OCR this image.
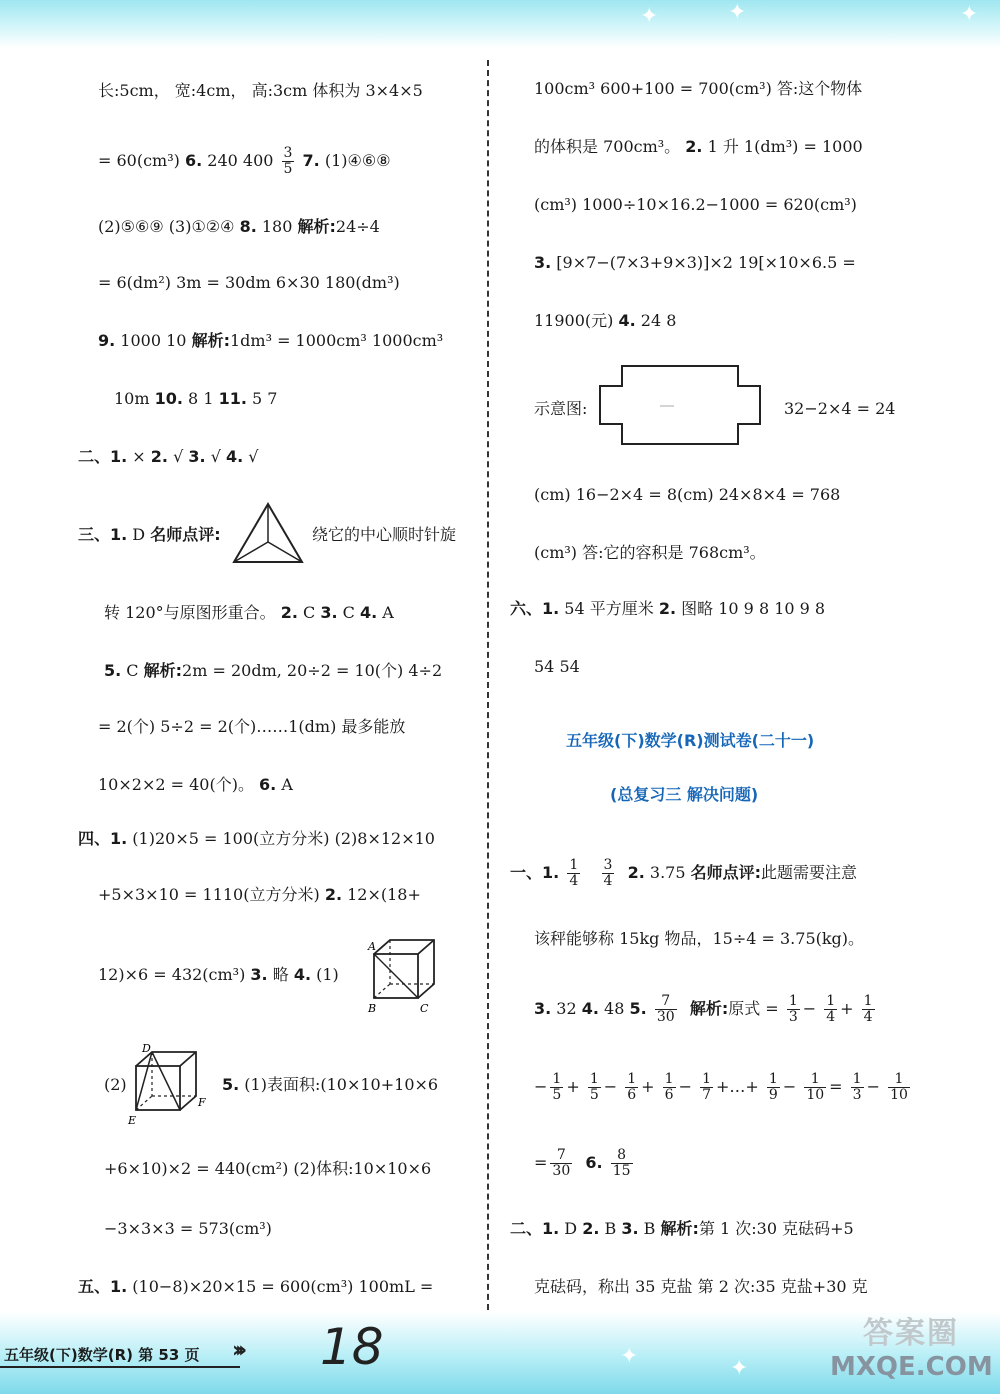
✦	✦	✦
长:5cm， 宽:4cm， 高:3cm 体积为 3×4×5
= 60(cm³) 6. 240 $400 \frac{3}{5} 7$. (1)④⑥⑧
(2)⑤⑥⑨ (3)①②④ 8. 180 解析:24÷4
= 6(dm²) 3m = 30dm 6×30 180(dm³)
9. 1000 10 解析:1dm³ = 1000cm³ 1000cm³
10m 10. 8 1 11. 5 7
二、1. × 2. √ 3. √ 4. √
三、1. D 名师点评:	绕它的中心顺时针旋
转 120°与原图形重合。 2. C 3. C 4. A
5. C 解析:2m = 20dm, 20÷2 = 10(个) 4÷2
= 2(个) 5÷2 = 2(个)……1(dm) 最多能放
10×2×2 = 40(个)。 6. A
四、1. (1)20×5 = 100(立方分米) (2)8×12×10
+5×3×10 = 1110(立方分米) 2. 12×(18+
12)×6 = 432(cm³) 3. 略 4. (1)
A
B	C
(2)
D
E
F
5. (1)表面积:(10×10+10×6
+6×10)×2 = 440(cm²) (2)体积:10×10×6
−3×3×3 = 573(cm³)
五、1. (10−8)×20×15 = 600(cm³) 100mL =
100cm³ 600+100 = 700(cm³) 答:这个物体
的体积是 700cm³。 2. 1 升 1(dm³) = 1000
(cm³) 1000÷10×16.2−1000 = 620(cm³)
3. [9×7−(7×3+9×3)]×2 19[×10×6.5 =
11900(元) 4. 24 8
示意图:	32−2×4 = 24
(cm) 16−2×4 = 8(cm) 24×8×4 = 768
(cm³) 答:它的容积是 768cm³。
六、1. 54 平方厘米 2. 图略 10 9 8 10 9 8
54 54
五年级(下)数学(R)测试卷(二十一)
(总复习三 解决问题)
一、1. $\frac{1}{4}$
$\frac{3}{4} 2$. 3.75 名师点评:此题需要注意
该秤能够称 15kg 物品，15÷4 = 3.75(kg)。
3. 32 4. 48 5. $\frac{7}{30}$ 解析:原式 = $\frac{1}{3} - \frac{1}{4} + \frac{1}{4}$
− $\frac{1}{5} + \frac{1}{5} - \frac{1}{6} + \frac{1}{6} - \frac{1}{7}$ +…+ $\frac{1}{9} - \frac{1}{10} = \frac{1}{3} - \frac{1}{10}$
= $\frac{7}{30} 6$. $\frac{8}{15}$
二、1. D 2. B 3. B 解析:第 1 次:30 克砝码+5
克砝码，称出 35 克盐 第 2 次:35 克盐+30 克
✦	✦
五年级(下)数学(R) 第 53 页 ››› 18	答案圈
MXQE.COM
